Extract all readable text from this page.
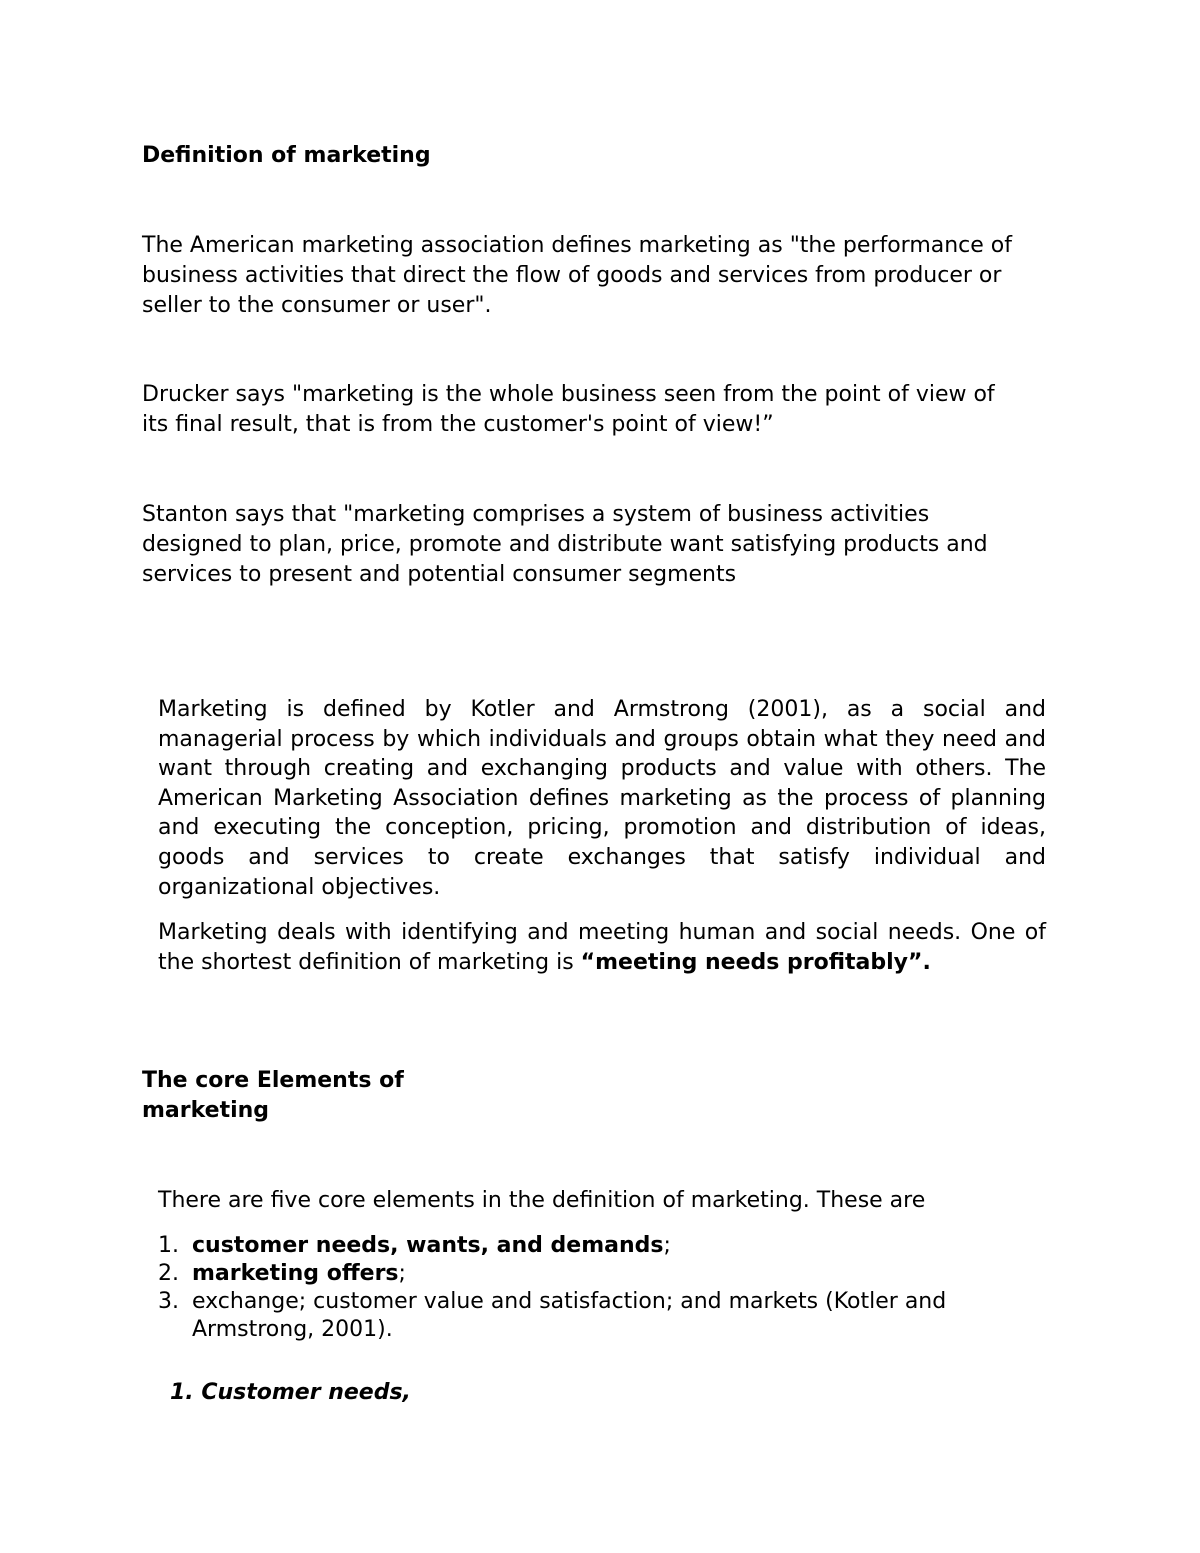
Definition of marketing

The American marketing association defines marketing as "the performance of
business activities that direct the flow of goods and services from producer or
seller to the consumer or user".

Drucker says "marketing is the whole business seen from the point of view of
its final result, that is from the customer's point of view!”

Stanton says that "marketing comprises a system of business activities
designed to plan, price, promote and distribute want satisfying products and
services to present and potential consumer segments

Marketing is defined by Kotler and Armstrong (2001), as a social and managerial process by which individuals and groups obtain what they need and want through creating and exchanging products and value with others. The American Marketing Association defines marketing as the process of planning and executing the conception, pricing, promotion and distribution of ideas, goods and services to create exchanges that satisfy individual and organizational objectives.

Marketing deals with identifying and meeting human and social needs. One of the shortest definition of marketing is “meeting needs profitably”.

The core Elements of
marketing

There are five core elements in the definition of marketing. These are

1. customer needs, wants, and demands;
2. marketing offers;
3. exchange; customer value and satisfaction; and markets (Kotler and Armstrong, 2001).

1. Customer needs,
